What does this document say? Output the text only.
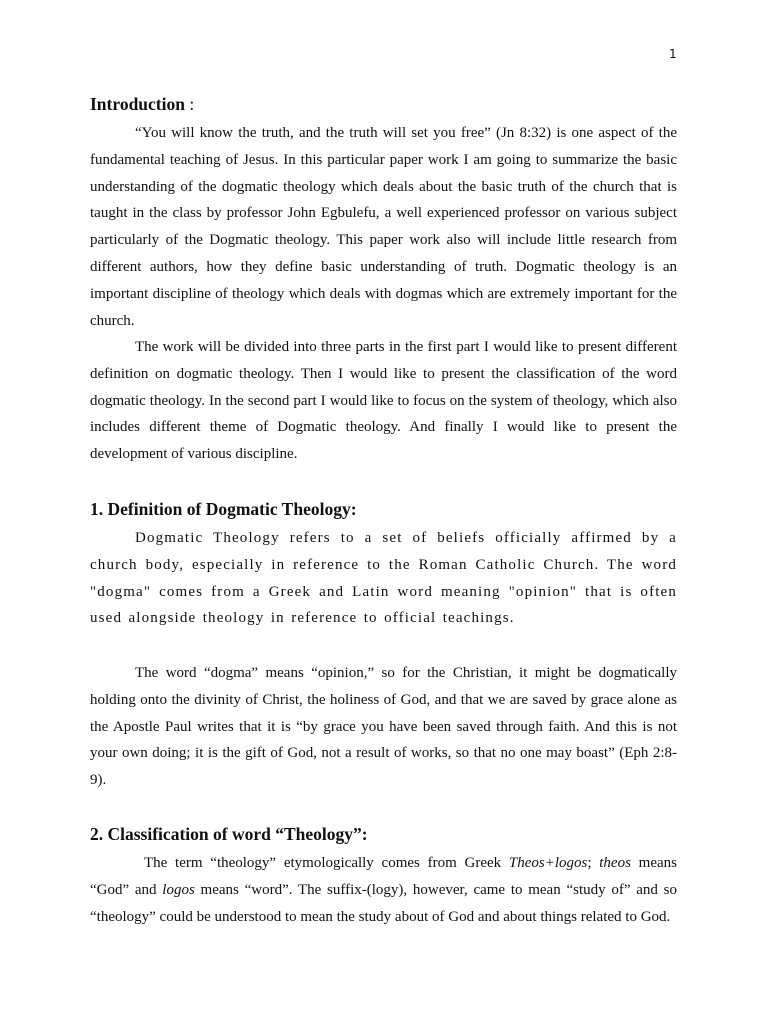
1
Introduction :

“You will know the truth, and the truth will set you free” (Jn 8:32) is one aspect of the fundamental teaching of Jesus. In this particular paper work I am going to summarize the basic understanding of the dogmatic theology which deals about the basic truth of the church that is taught in the class by professor John Egbulefu, a well experienced professor on various subject particularly of the Dogmatic theology. This paper work also will include little research from different authors, how they define basic understanding of truth. Dogmatic theology is an important discipline of theology which deals with dogmas which are extremely important for the church.

The work will be divided into three parts in the first part I would like to present different definition on dogmatic theology. Then I would like to present the classification of the word dogmatic theology. In the second part I would like to focus on the system of theology, which also includes different theme of Dogmatic theology. And finally I would like to present the development of various discipline.

1. Definition of Dogmatic Theology:

Dogmatic Theology refers to a set of beliefs officially affirmed by a church body, especially in reference to the Roman Catholic Church. The word "dogma" comes from a Greek and Latin word meaning "opinion" that is often used alongside theology in reference to official teachings.

The word “dogma” means “opinion,” so for the Christian, it might be dogmatically holding onto the divinity of Christ, the holiness of God, and that we are saved by grace alone as the Apostle Paul writes that it is “by grace you have been saved through faith. And this is not your own doing; it is the gift of God, not a result of works, so that no one may boast” (Eph 2:8-9).

2. Classification of word “Theology”:

The term “theology” etymologically comes from Greek Theos+logos; theos means “God” and logos means “word”. The suffix-(logy), however, came to mean “study of” and so “theology” could be understood to mean the study about of God and about things related to God.
